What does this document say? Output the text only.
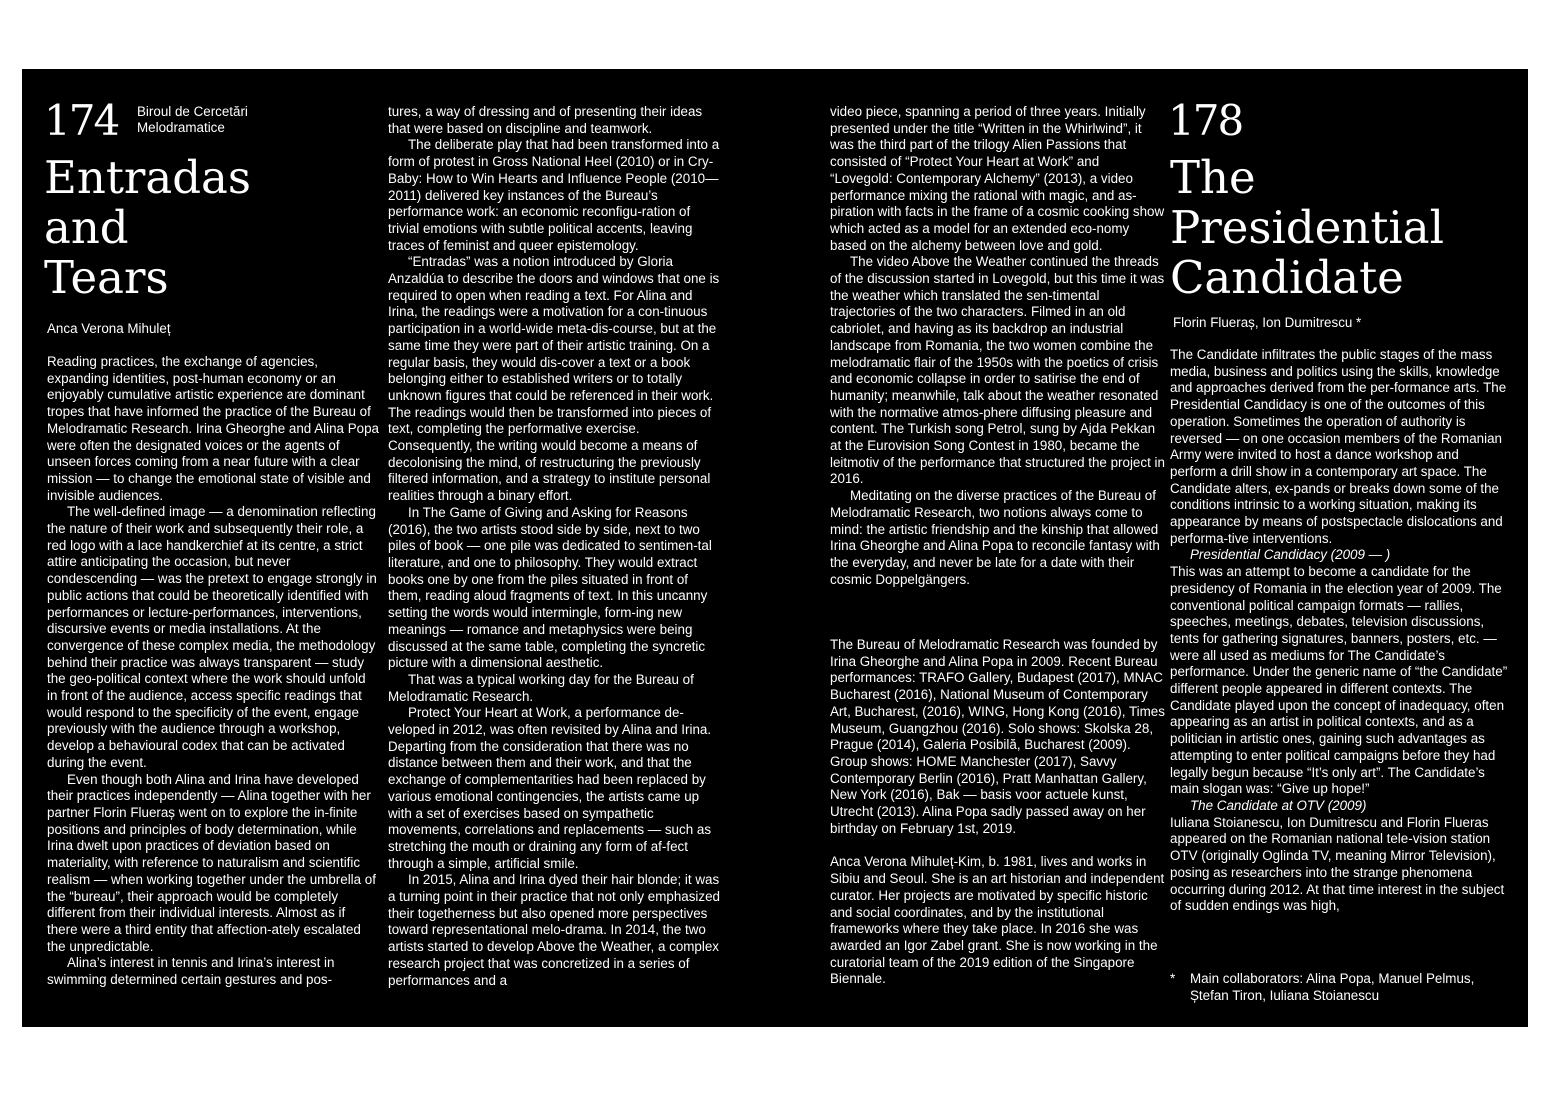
174 Biroul de Cercetări
Melodramatice
Entradas
and
Tears
Anca Verona Mihuleț

Reading practices, the exchange of agencies, expanding identities, post-human economy or an enjoyably cumulative artistic experience are dominant tropes that have informed the practice of the Bureau of Melodramatic Research. Irina Gheorghe and Alina Popa were often the designated voices or the agents of unseen forces coming from a near future with a clear mission — to change the emotional state of visible and invisible audiences.

The well-defined image — a denomination reflecting the nature of their work and subsequently their role, a red logo with a lace handkerchief at its centre, a strict attire anticipating the occasion, but never condescending — was the pretext to engage strongly in public actions that could be theoretically identified with performances or lecture-performances, interventions, discursive events or media installations. At the convergence of these complex media, the methodology behind their practice was always transparent — study the geo-political context where the work should unfold in front of the audience, access specific readings that would respond to the specificity of the event, engage previously with the audience through a workshop, develop a behavioural codex that can be activated during the event.

Even though both Alina and Irina have developed their practices independently — Alina together with her partner Florin Flueraș went on to explore the in-finite positions and principles of body determination, while Irina dwelt upon practices of deviation based on materiality, with reference to naturalism and scientific realism — when working together under the umbrella of the “bureau”, their approach would be completely different from their individual interests. Almost as if there were a third entity that affection-ately escalated the unpredictable.

Alina’s interest in tennis and Irina’s interest in swimming determined certain gestures and pos-

tures, a way of dressing and of presenting their ideas that were based on discipline and teamwork.

The deliberate play that had been transformed into a form of protest in Gross National Heel (2010) or in Cry-Baby: How to Win Hearts and Influence People (2010—2011) delivered key instances of the Bureau’s performance work: an economic reconfigu-ration of trivial emotions with subtle political accents, leaving traces of feminist and queer epistemology.

“Entradas” was a notion introduced by Gloria Anzaldúa to describe the doors and windows that one is required to open when reading a text. For Alina and Irina, the readings were a motivation for a con-tinuous participation in a world-wide meta-dis-course, but at the same time they were part of their artistic training. On a regular basis, they would dis-cover a text or a book belonging either to established writers or to totally unknown figures that could be referenced in their work. The readings would then be transformed into pieces of text, completing the performative exercise. Consequently, the writing would become a means of decolonising the mind, of restructuring the previously filtered information, and a strategy to institute personal realities through a binary effort.

In The Game of Giving and Asking for Reasons (2016), the two artists stood side by side, next to two piles of book — one pile was dedicated to sentimen-tal literature, and one to philosophy. They would extract books one by one from the piles situated in front of them, reading aloud fragments of text. In this uncanny setting the words would intermingle, form-ing new meanings — romance and metaphysics were being discussed at the same table, completing the syncretic picture with a dimensional aesthetic.

That was a typical working day for the Bureau of Melodramatic Research.

Protect Your Heart at Work, a performance de-veloped in 2012, was often revisited by Alina and Irina. Departing from the consideration that there was no distance between them and their work, and that the exchange of complementarities had been replaced by various emotional contingencies, the artists came up with a set of exercises based on sympathetic movements, correlations and replacements — such as stretching the mouth or draining any form of af-fect through a simple, artificial smile.

In 2015, Alina and Irina dyed their hair blonde; it was a turning point in their practice that not only emphasized their togetherness but also opened more perspectives toward representational melo-drama. In 2014, the two artists started to develop Above the Weather, a complex research project that was concretized in a series of performances and a

video piece, spanning a period of three years. Initially presented under the title “Written in the Whirlwind”, it was the third part of the trilogy Alien Passions that consisted of “Protect Your Heart at Work” and “Lovegold: Contemporary Alchemy” (2013), a video performance mixing the rational with magic, and as-piration with facts in the frame of a cosmic cooking show which acted as a model for an extended eco-nomy based on the alchemy between love and gold.

The video Above the Weather continued the threads of the discussion started in Lovegold, but this time it was the weather which translated the sen-timental trajectories of the two characters. Filmed in an old cabriolet, and having as its backdrop an industrial landscape from Romania, the two women combine the melodramatic flair of the 1950s with the poetics of crisis and economic collapse in order to satirise the end of humanity; meanwhile, talk about the weather resonated with the normative atmos-phere diffusing pleasure and content. The Turkish song Petrol, sung by Ajda Pekkan at the Eurovision Song Contest in 1980, became the leitmotiv of the performance that structured the project in 2016.

Meditating on the diverse practices of the Bureau of Melodramatic Research, two notions always come to mind: the artistic friendship and the kinship that allowed Irina Gheorghe and Alina Popa to reconcile fantasy with the everyday, and never be late for a date with their cosmic Doppelgängers.

The Bureau of Melodramatic Research was founded by Irina Gheorghe and Alina Popa in 2009. Recent Bureau performances: TRAFO Gallery, Budapest (2017), MNAC Bucharest (2016), National Museum of Contemporary Art, Bucharest, (2016), WING, Hong Kong (2016), Times Museum, Guangzhou (2016). Solo shows: Skolska 28, Prague (2014), Galeria Posibilă, Bucharest (2009). Group shows: HOME Manchester (2017), Savvy Contemporary Berlin (2016), Pratt Manhattan Gallery, New York (2016), Bak — basis voor actuele kunst, Utrecht (2013). Alina Popa sadly passed away on her birthday on February 1st, 2019.

Anca Verona Mihuleț-Kim, b. 1981, lives and works in Sibiu and Seoul. She is an art historian and independent curator. Her projects are motivated by specific historic and social coordinates, and by the institutional frameworks where they take place. In 2016 she was awarded an Igor Zabel grant. She is now working in the curatorial team of the 2019 edition of the Singapore Biennale.

178
The
Presidential
Candidate
Florin Flueraș, Ion Dumitrescu *

The Candidate infiltrates the public stages of the mass media, business and politics using the skills, knowledge and approaches derived from the per-formance arts. The Presidential Candidacy is one of the outcomes of this operation. Sometimes the operation of authority is reversed — on one occasion members of the Romanian Army were invited to host a dance workshop and perform a drill show in a contemporary art space. The Candidate alters, ex-pands or breaks down some of the conditions intrinsic to a working situation, making its appearance by means of postspectacle dislocations and performa-tive interventions.

Presidential Candidacy (2009 — )

This was an attempt to become a candidate for the presidency of Romania in the election year of 2009. The conventional political campaign formats — rallies, speeches, meetings, debates, television discussions, tents for gathering signatures, banners, posters, etc. — were all used as mediums for The Candidate’s performance. Under the generic name of “the Candidate” different people appeared in different contexts. The Candidate played upon the concept of inadequacy, often appearing as an artist in political contexts, and as a politician in artistic ones, gaining such advantages as attempting to enter political campaigns before they had legally begun because “It’s only art”. The Candidate’s main slogan was: “Give up hope!”

The Candidate at OTV (2009)

Iuliana Stoianescu, Ion Dumitrescu and Florin Flueras appeared on the Romanian national tele-vision station OTV (originally Oglinda TV, meaning Mirror Television), posing as researchers into the strange phenomena occurring during 2012. At that time interest in the subject of sudden endings was high,

* Main collaborators: Alina Popa, Manuel Pelmus, Ștefan Tiron, Iuliana Stoianescu
